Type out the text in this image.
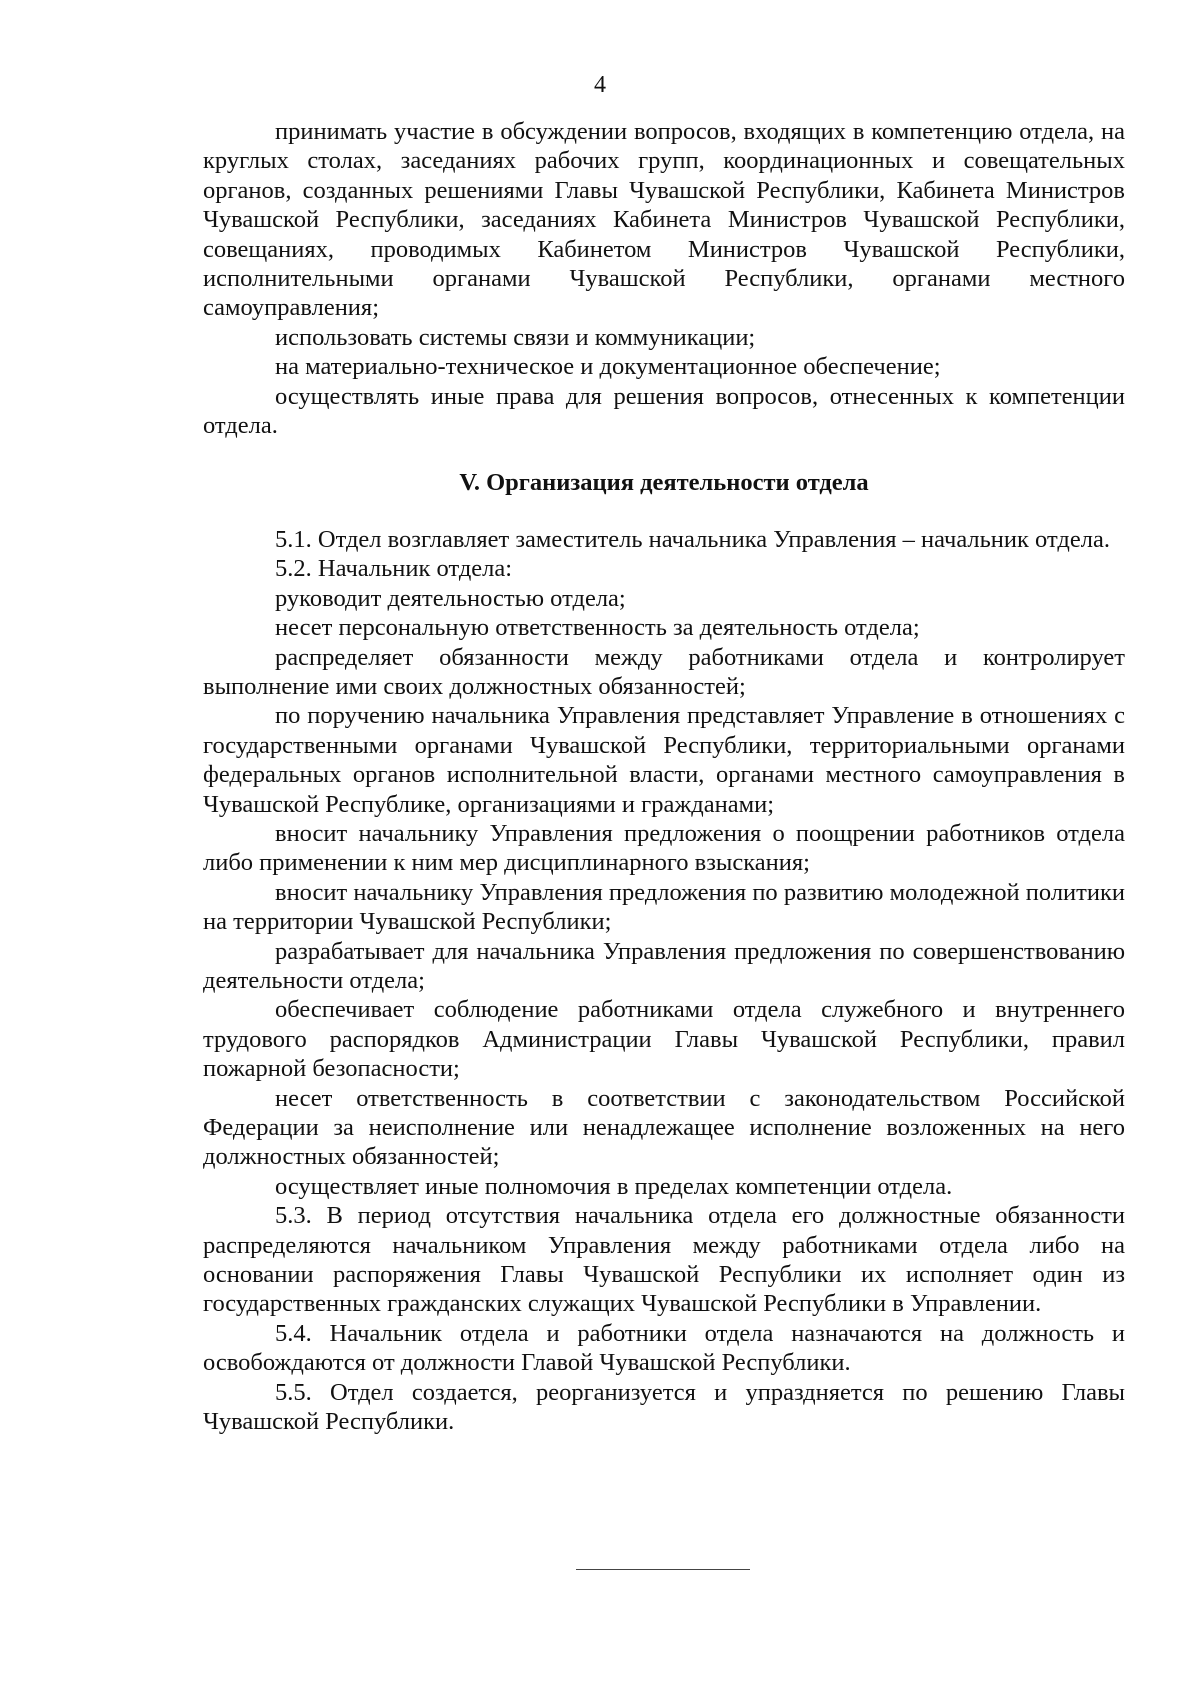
4

принимать участие в обсуждении вопросов, входящих в компетенцию отдела, на круглых столах, заседаниях рабочих групп, координационных и совещательных органов, созданных решениями Главы Чувашской Республики, Кабинета Министров Чувашской Республики, заседаниях Кабинета Министров Чувашской Республики, совещаниях, проводимых Кабинетом Министров Чувашской Республики, исполнительными органами Чувашской Республики, органами местного самоуправления;

использовать системы связи и коммуникации;

на материально-техническое и документационное обеспечение;

осуществлять иные права для решения вопросов, отнесенных к компетенции отдела.

V. Организация деятельности отдела

5.1. Отдел возглавляет заместитель начальника Управления – начальник отдела.

5.2. Начальник отдела:

руководит деятельностью отдела;

несет персональную ответственность за деятельность отдела;

распределяет обязанности между работниками отдела и контролирует выполнение ими своих должностных обязанностей;

по поручению начальника Управления представляет Управление в отношениях с государственными органами Чувашской Республики, территориальными органами федеральных органов исполнительной власти, органами местного самоуправления в Чувашской Республике, организациями и гражданами;

вносит начальнику Управления предложения о поощрении работников отдела либо применении к ним мер дисциплинарного взыскания;

вносит начальнику Управления предложения по развитию молодежной политики на территории Чувашской Республики;

разрабатывает для начальника Управления предложения по совершенствованию деятельности отдела;

обеспечивает соблюдение работниками отдела служебного и внутреннего трудового распорядков Администрации Главы Чувашской Республики, правил пожарной безопасности;

несет ответственность в соответствии с законодательством Российской Федерации за неисполнение или ненадлежащее исполнение возложенных на него должностных обязанностей;

осуществляет иные полномочия в пределах компетенции отдела.

5.3. В период отсутствия начальника отдела его должностные обязанности распределяются начальником Управления между работниками отдела либо на основании распоряжения Главы Чувашской Республики их исполняет один из государственных гражданских служащих Чувашской Республики в Управлении.

5.4. Начальник отдела и работники отдела назначаются на должность и освобождаются от должности Главой Чувашской Республики.

5.5. Отдел создается, реорганизуется и упраздняется по решению Главы Чувашской Республики.
